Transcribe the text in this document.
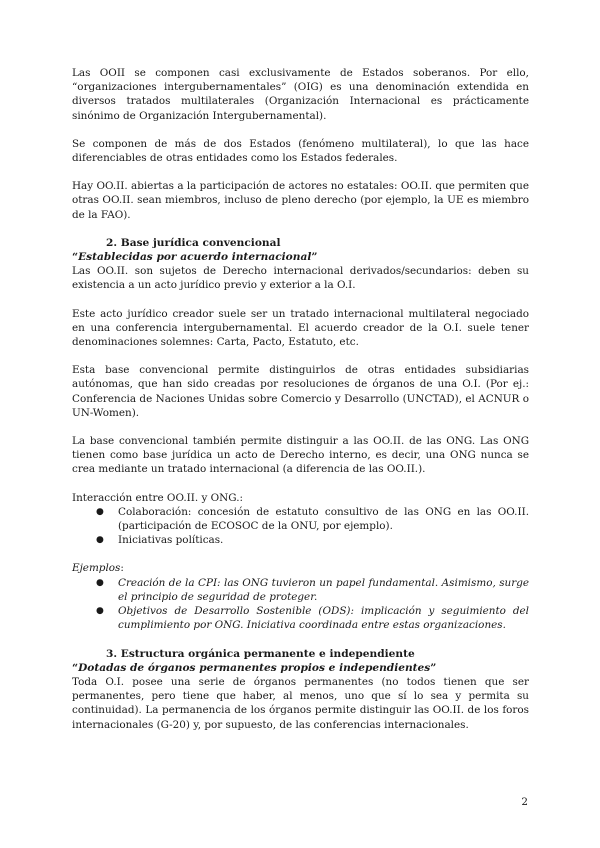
Las OOII se componen casi exclusivamente de Estados soberanos. Por ello, “organizaciones intergubernamentales” (OIG) es una denominación extendida en diversos tratados multilaterales (Organización Internacional es prácticamente sinónimo de Organización Intergubernamental).

Se componen de más de dos Estados (fenómeno multilateral), lo que las hace diferenciables de otras entidades como los Estados federales.

Hay OO.II. abiertas a la participación de actores no estatales: OO.II. que permiten que otras OO.II. sean miembros, incluso de pleno derecho (por ejemplo, la UE es miembro de la FAO).

2. Base jurídica convencional
“Establecidas por acuerdo internacional”

Las OO.II. son sujetos de Derecho internacional derivados/secundarios: deben su existencia a un acto jurídico previo y exterior a la O.I.

Este acto jurídico creador suele ser un tratado internacional multilateral negociado en una conferencia intergubernamental. El acuerdo creador de la O.I. suele tener denominaciones solemnes: Carta, Pacto, Estatuto, etc.

Esta base convencional permite distinguirlos de otras entidades subsidiarias autónomas, que han sido creadas por resoluciones de órganos de una O.I. (Por ej.: Conferencia de Naciones Unidas sobre Comercio y Desarrollo (UNCTAD), el ACNUR o UN-Women).

La base convencional también permite distinguir a las OO.II. de las ONG. Las ONG tienen como base jurídica un acto de Derecho interno, es decir, una ONG nunca se crea mediante un tratado internacional (a diferencia de las OO.II.).

Interacción entre OO.II. y ONG.:

● Colaboración: concesión de estatuto consultivo de las ONG en las OO.II. (participación de ECOSOC de la ONU, por ejemplo).
● Iniciativas políticas.

Ejemplos:

● Creación de la CPI: las ONG tuvieron un papel fundamental. Asimismo, surge el principio de seguridad de proteger.
● Objetivos de Desarrollo Sostenible (ODS): implicación y seguimiento del cumplimiento por ONG. Iniciativa coordinada entre estas organizaciones.
3. Estructura orgánica permanente e independiente
“Dotadas de órganos permanentes propios e independientes”

Toda O.I. posee una serie de órganos permanentes (no todos tienen que ser permanentes, pero tiene que haber, al menos, uno que sí lo sea y permita su continuidad). La permanencia de los órganos permite distinguir las OO.II. de los foros internacionales (G-20) y, por supuesto, de las conferencias internacionales.

2
